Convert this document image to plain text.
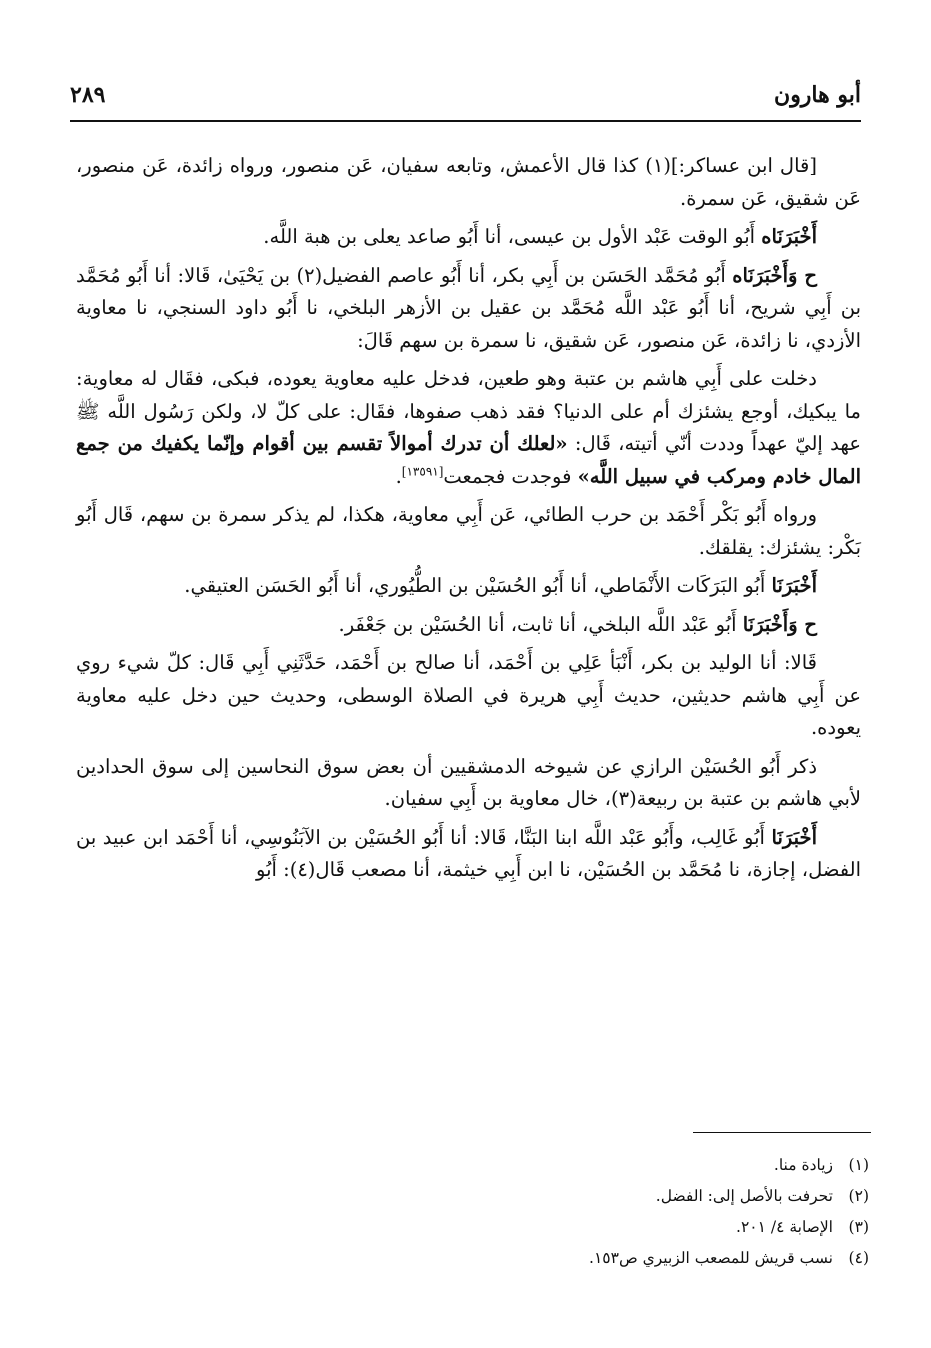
أبو هارون
٢٨٩

[قال ابن عساكر:](١) كذا قال الأعمش، وتابعه سفيان، عَن منصور، ورواه زائدة، عَن منصور، عَن شقيق، عَن سمرة.

أَخْبَرَنَاه أَبُو الوقت عَبْد الأول بن عيسى، أنا أَبُو صاعد يعلى بن هبة اللَّه.

ح وَأَخْبَرَنَاه أَبُو مُحَمَّد الحَسَن بن أَبِي بكر، أنا أَبُو عاصم الفضيل(٢) بن يَحْيَىٰ، قَالا: أنا أَبُو مُحَمَّد بن أَبِي شريح، أنا أَبُو عَبْد اللَّه مُحَمَّد بن عقيل بن الأزهر البلخي، نا أَبُو داود السنجي، نا معاوية الأزدي، نا زائدة، عَن منصور، عَن شقيق، نا سمرة بن سهم قَالَ:

دخلت على أَبِي هاشم بن عتبة وهو طعين، فدخل عليه معاوية يعوده، فبكى، فقَال له معاوية: ما يبكيك، أوجع يشئزك أم على الدنيا؟ فقد ذهب صفوها، فقَال: على كلّ لا، ولكن رَسُول اللَّه ﷺ عهد إليّ عهداً وددت أنّي أتيته، قَال: «لعلك أن تدرك أموالاً تقسم بين أقوام وإنّما يكفيك من جمع المال خادم ومركب في سبيل اللَّه» فوجدت فجمعت[١٣٥٩١].

ورواه أَبُو بَكْر أَحْمَد بن حرب الطائي، عَن أَبِي معاوية، هكذا، لم يذكر سمرة بن سهم، قَال أَبُو بَكْر: يشئزك: يقلقك.

أَخْبَرَنَا أَبُو البَرَكَات الأَنْمَاطي، أنا أَبُو الحُسَيْن بن الطُّيُوري، أنا أَبُو الحَسَن العتيقي.

ح وَأَخْبَرَنَا أَبُو عَبْد اللَّه البلخي، أنا ثابت، أنا الحُسَيْن بن جَعْفَر.

قَالا: أنا الوليد بن بكر، أَنْبَأ عَلِي بن أَحْمَد، أنا صالح بن أَحْمَد، حَدَّثَنِي أَبِي قَال: كلّ شيء روي عن أَبِي هاشم حديثين، حديث أَبِي هريرة في الصلاة الوسطى، وحديث حين دخل عليه معاوية يعوده.

ذكر أَبُو الحُسَيْن الرازي عن شيوخه الدمشقيين أن بعض سوق النحاسين إلى سوق الحدادين لأبي هاشم بن عتبة بن ربيعة(٣)، خال معاوية بن أَبِي سفيان.

أَخْبَرَنَا أَبُو غَالِب، وأَبُو عَبْد اللَّه ابنا البَنَّا، قَالا: أنا أَبُو الحُسَيْن بن الآبَنُوسِي، أنا أَحْمَد ابن عبيد بن الفضل، إجازة، نا مُحَمَّد بن الحُسَيْن، نا ابن أَبِي خيثمة، أنا مصعب قَال(٤): أَبُو

(١)زيادة منا.
(٢)تحرفت بالأصل إلى: الفضل.
(٣)الإصابة ٤/ ٢٠١.
(٤)نسب قريش للمصعب الزبيري ص١٥٣.
